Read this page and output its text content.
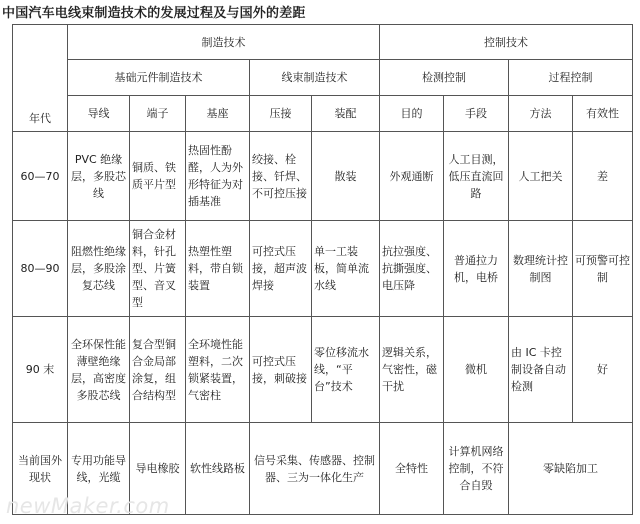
中国汽车电线束制造技术的发展过程及与国外的差距
年代	制造技术					控制技术			
	基础元件制造技术			线束制造技术		检测控制		过程控制	
	导线	端子	基座	压接	装配	目的	手段	方法	有效性
60—70	PVC 绝缘层，多股芯线	铜质、铁质平片型	热固性酚醛，人为外形特征为对插基准	绞接、栓接、钎焊、不可控压接	散装	外观通断	人工目测，低压直流回路	人工把关	差
80—90	阻燃性绝缘层，多股涂复芯线	铜合金材料，针孔型、片簧型、音叉型	热塑性塑料，带自锁装置	可控式压接，超声波焊接	单一工装板，简单流水线	抗拉强度、抗撕强度、电压降	普通拉力机，电桥	数理统计控制图	可预警可控制
90 末	全环保性能薄壁绝缘层，高密度多股芯线	复合型铜合金局部涂复，组合结构型	全环境性能塑料，二次锁紧装置，气密柱	可控式压接，刺破接	零位移流水线，“平台”技术	逻辑关系，气密性，磁干扰	微机	由 IC 卡控制设备自动检测	好
当前国外现状	专用功能导线，光缆	导电橡胶	软性线路板	信号采集、传感器、控制器、三为一体化生产		全特性	计算机网络控制，不符合自毁	零缺陷加工	
newMaker.com
